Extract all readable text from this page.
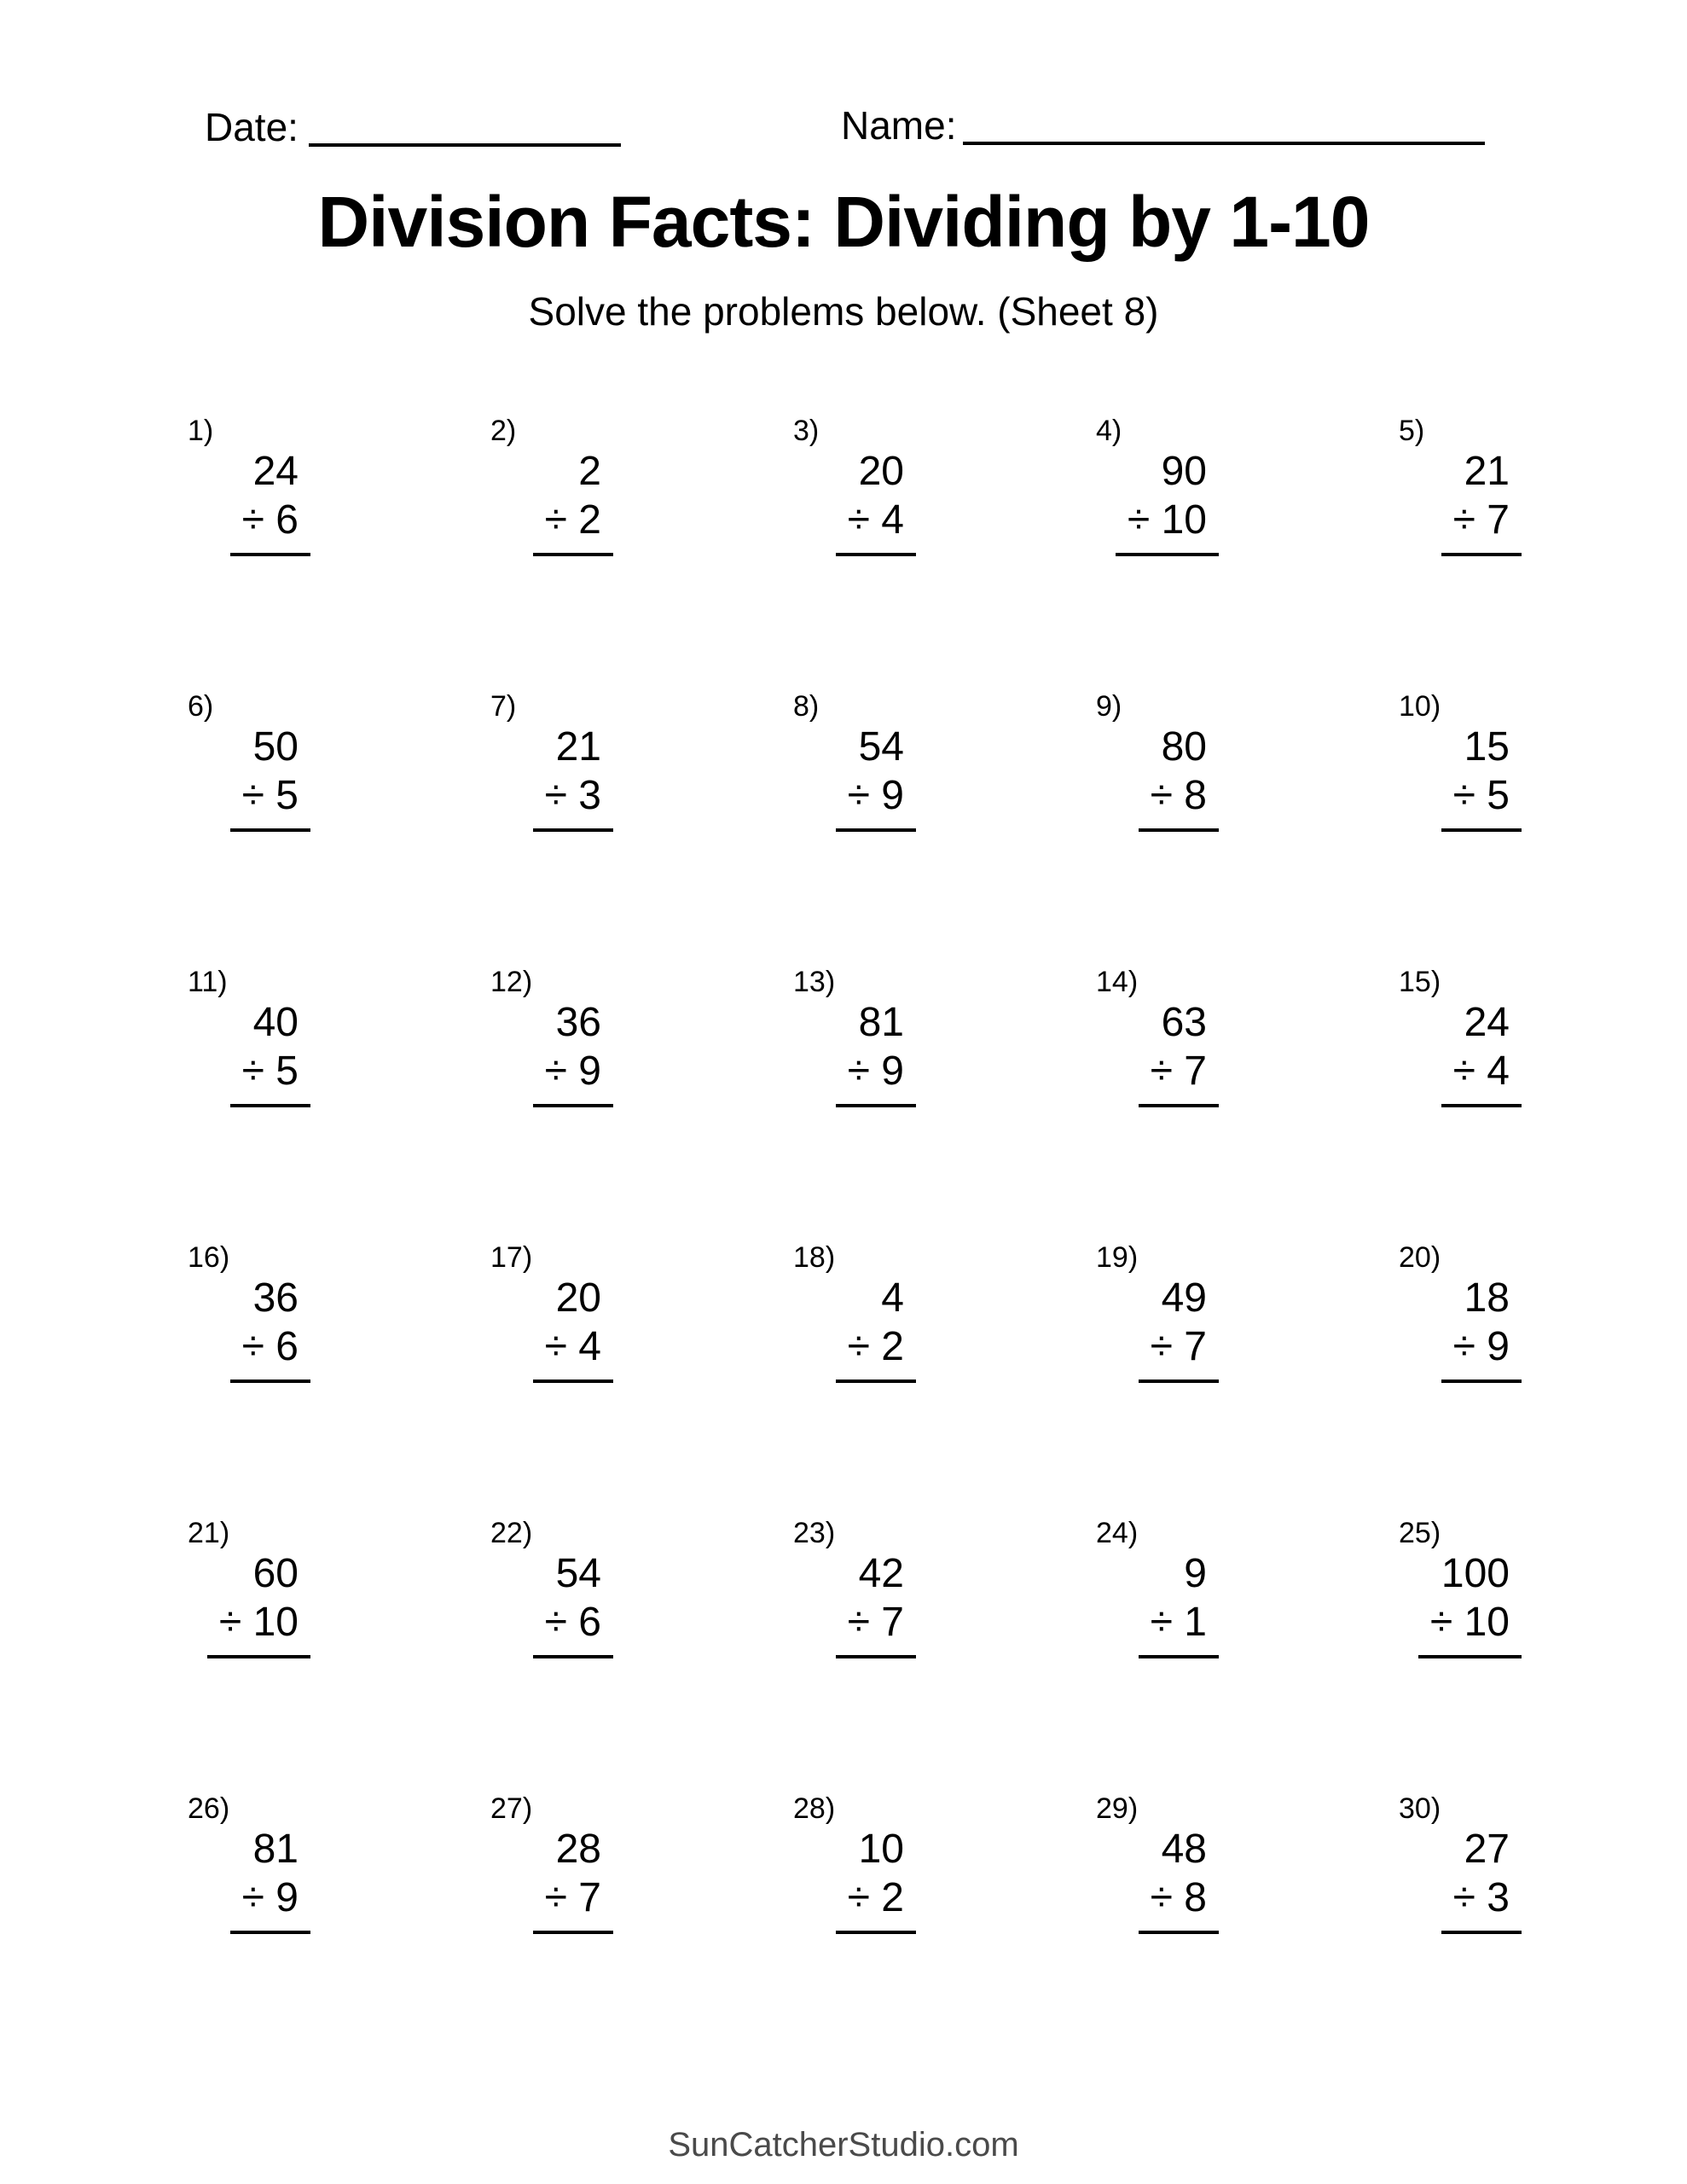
Date:	Name:
Division Facts: Dividing by 1-10
Solve the problems below. (Sheet 8)
1)
24
÷ 6
2)
2
÷ 2
3)
20
÷ 4
4)
90
÷ 10
5)
21
÷ 7
6)
50
÷ 5
7)
21
÷ 3
8)
54
÷ 9
9)
80
÷ 8
10)
15
÷ 5
11)
40
÷ 5
12)
36
÷ 9
13)
81
÷ 9
14)
63
÷ 7
15)
24
÷ 4
16)
36
÷ 6
17)
20
÷ 4
18)
4
÷ 2
19)
49
÷ 7
20)
18
÷ 9
21)
60
÷ 10
22)
54
÷ 6
23)
42
÷ 7
24)
9
÷ 1
25)
100
÷ 10
26)
81
÷ 9
27)
28
÷ 7
28)
10
÷ 2
29)
48
÷ 8
30)
27
÷ 3
SunCatcherStudio.com
